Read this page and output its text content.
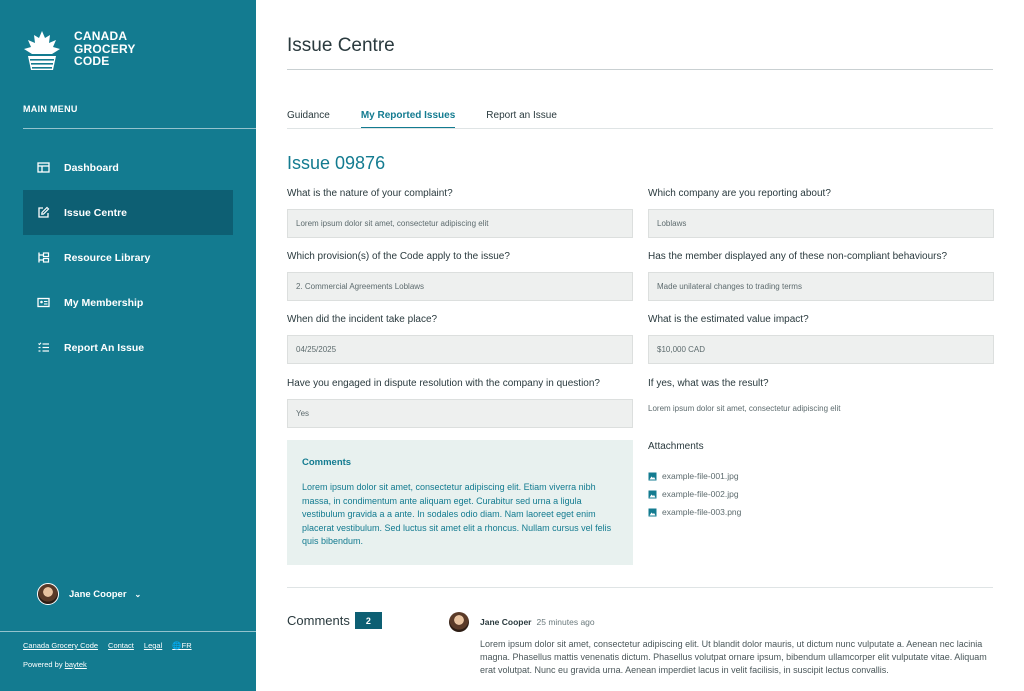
CANADA
GROCERY
CODE
MAIN MENU
Dashboard
Issue Centre
Resource Library
My Membership
Report An Issue
Jane Cooper ⌄
Canada Grocery Code Contact Legal 🌐FR
Powered by baytek
Issue Centre
Guidance	My Reported Issues	Report an Issue
Issue 09876
What is the nature of your complaint?
Lorem ipsum dolor sit amet, consectetur adipiscing elit
Which company are you reporting about?
Loblaws
Which provision(s) of the Code apply to the issue?
2. Commercial Agreements Loblaws
Has the member displayed any of these non-compliant behaviours?
Made unilateral changes to trading terms
When did the incident take place?
04/25/2025
What is the estimated value impact?
$10,000 CAD
Have you engaged in dispute resolution with the company in question?
Yes
If yes, what was the result?
Lorem ipsum dolor sit amet, consectetur adipiscing elit
Comments
Lorem ipsum dolor sit amet, consectetur adipiscing elit. Etiam viverra nibh massa, in condimentum ante aliquam eget. Curabitur sed urna a ligula vestibulum gravida a a ante. In sodales odio diam. Nam laoreet eget enim placerat vestibulum. Sed luctus sit amet elit a rhoncus. Nullam cursus vel felis quis bibendum.
Attachments
example-file-001.jpg
example-file-002.jpg
example-file-003.png
Comments	2	Jane Cooper 25 minutes ago
Lorem ipsum dolor sit amet, consectetur adipiscing elit. Ut blandit dolor mauris, ut dictum nunc vulputate a. Aenean nec lacinia magna. Phasellus mattis venenatis dictum. Phasellus volutpat ornare ipsum, bibendum ullamcorper elit vulputate vitae. Aliquam erat volutpat. Nunc eu gravida urna. Aenean imperdiet lacus in velit facilisis, in suscipit lectus convallis.
